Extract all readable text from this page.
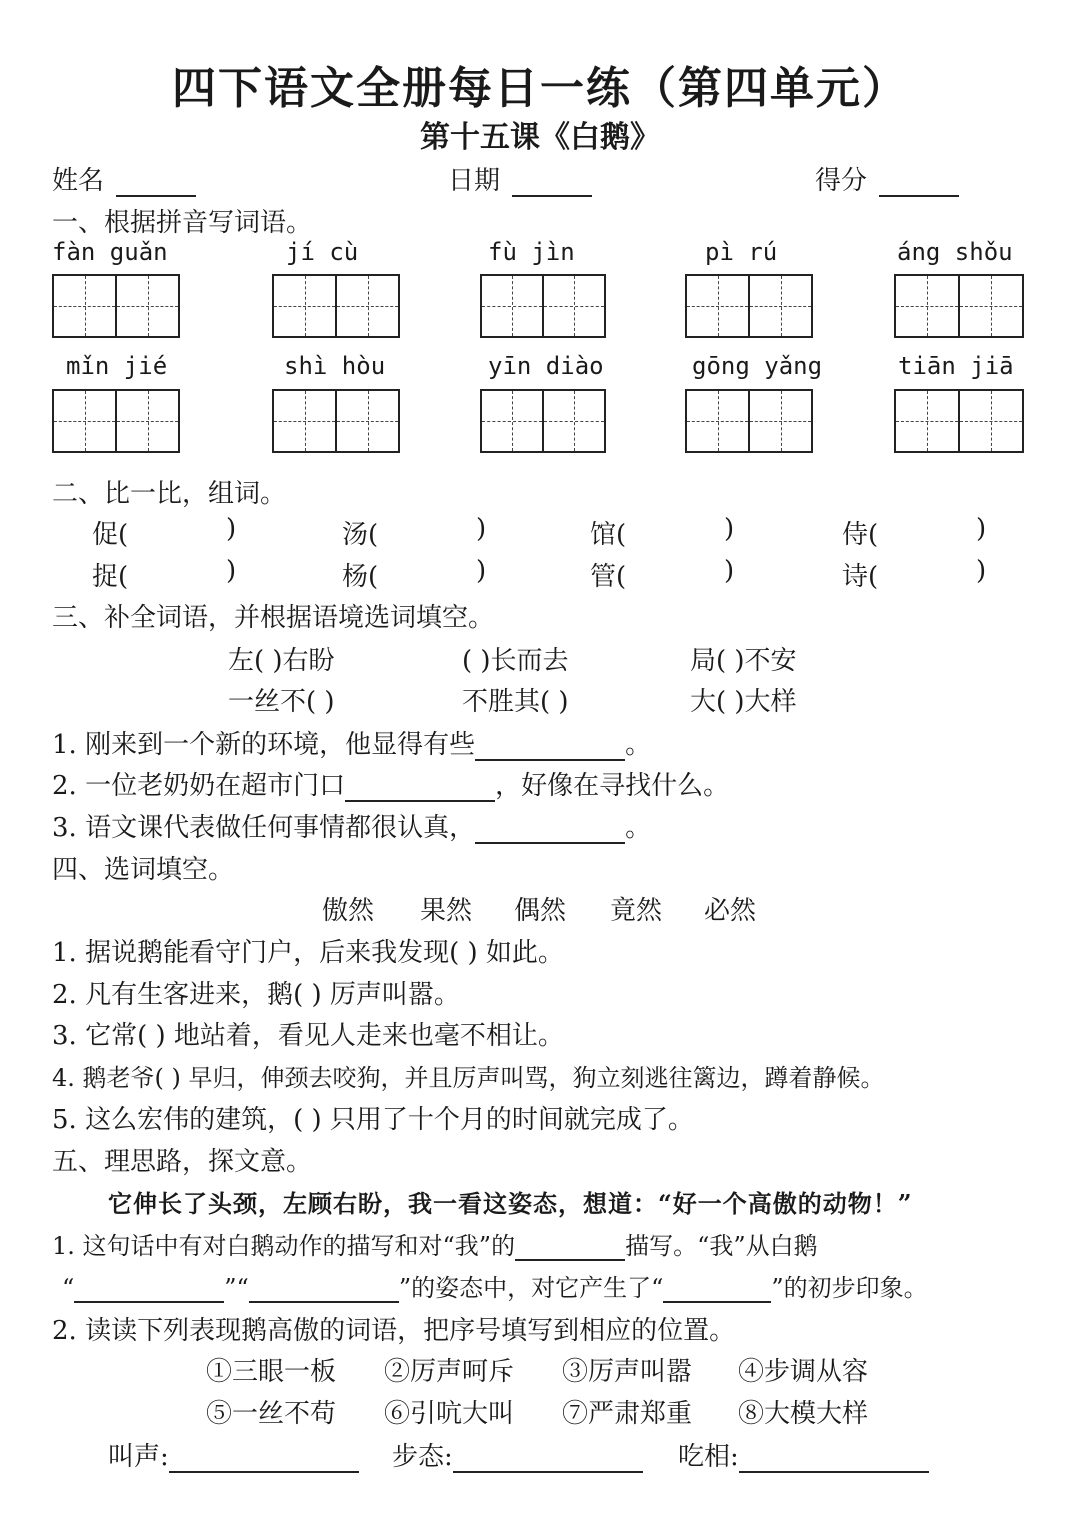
四下语文全册每日一练（第四单元）
第十五课《白鹅》
姓名	日期	得分
一、根据拼音写词语。
fàn guǎn	jí cù	fù jìn	pì rú	áng shǒu
mǐn jié	shì hòu	yīn diào	gōng yǎng	tiān jiā
二、比一比，组词。
促(	)	汤(	)	馆(	)	侍(	)
捉(	)	杨(	)	管(	)	诗(	)
三、补全词语，并根据语境选词填空。
左( )右盼	( )长而去	局( )不安
一丝不( )	不胜其( )	大( )大样
1. 刚来到一个新的环境，他显得有些	。
2. 一位老奶奶在超市门口	，好像在寻找什么。
3. 语文课代表做任何事情都很认真，	。
四、选词填空。
傲然 果然 偶然 竟然 必然
1. 据说鹅能看守门户，后来我发现( ) 如此。
2. 凡有生客进来，鹅( ) 厉声叫嚣。
3. 它常( ) 地站着，看见人走来也毫不相让。
4. 鹅老爷( ) 早归，伸颈去咬狗，并且厉声叫骂，狗立刻逃往篱边，蹲着静候。
5. 这么宏伟的建筑，( ) 只用了十个月的时间就完成了。
五、理思路，探文意。
它伸长了头颈，左顾右盼，我一看这姿态，想道：“好一个高傲的动物！”
1. 这句话中有对白鹅动作的描写和对“我”的	描写。“我”从白鹅
“	”“	”的姿态中，对它产生了“	”的初步印象。
2. 读读下列表现鹅高傲的词语，把序号填写到相应的位置。
①三眼一板 ②厉声呵斥 ③厉声叫嚣 ④步调从容
⑤一丝不苟 ⑥引吭大叫 ⑦严肃郑重 ⑧大模大样
叫声:	步态:	吃相:
